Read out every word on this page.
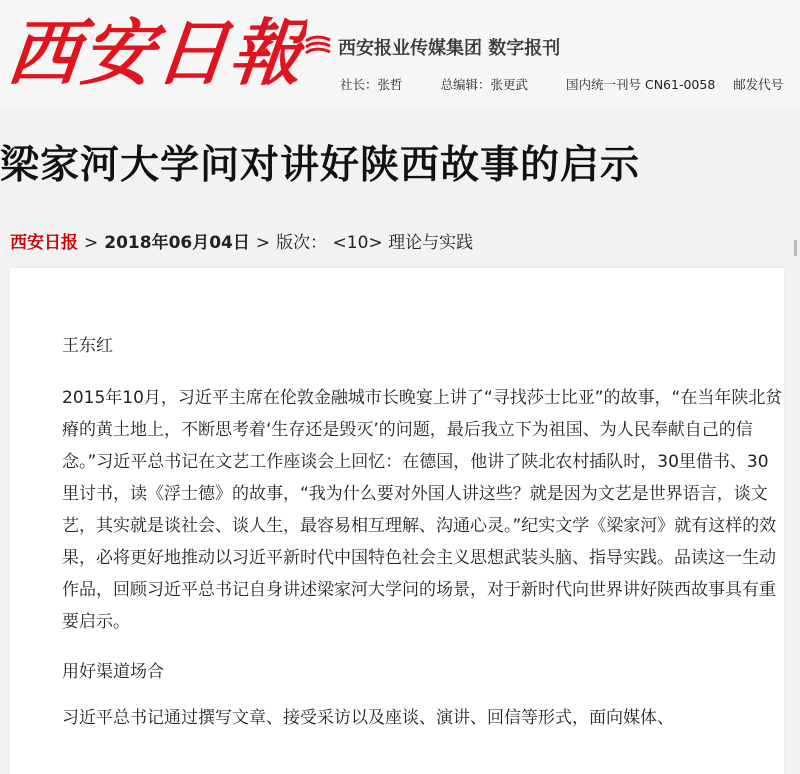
西安日報 西安报业传媒集团 数字报刊
社长：张哲	总编辑：张更武	国内统一刊号 CN61-0058 邮发代号
梁家河大学问对讲好陕西故事的启示
西安日报 > 2018年06月04日 > 版次： <10> 理论与实践

王东红

2015年10月，习近平主席在伦敦金融城市长晚宴上讲了“寻找莎士比亚”的故事，“在当年陕北贫瘠的黄土地上，不断思考着‘生存还是毁灭’的问题，最后我立下为祖国、为人民奉献自己的信念。”习近平总书记在文艺工作座谈会上回忆：在德国，他讲了陕北农村插队时，30里借书、30里讨书，读《浮士德》的故事，“我为什么要对外国人讲这些？就是因为文艺是世界语言，谈文艺，其实就是谈社会、谈人生，最容易相互理解、沟通心灵。”纪实文学《梁家河》就有这样的效果，必将更好地推动以习近平新时代中国特色社会主义思想武装头脑、指导实践。品读这一生动作品，回顾习近平总书记自身讲述梁家河大学问的场景，对于新时代向世界讲好陕西故事具有重要启示。

用好渠道场合

习近平总书记通过撰写文章、接受采访以及座谈、演讲、回信等形式，面向媒体、
